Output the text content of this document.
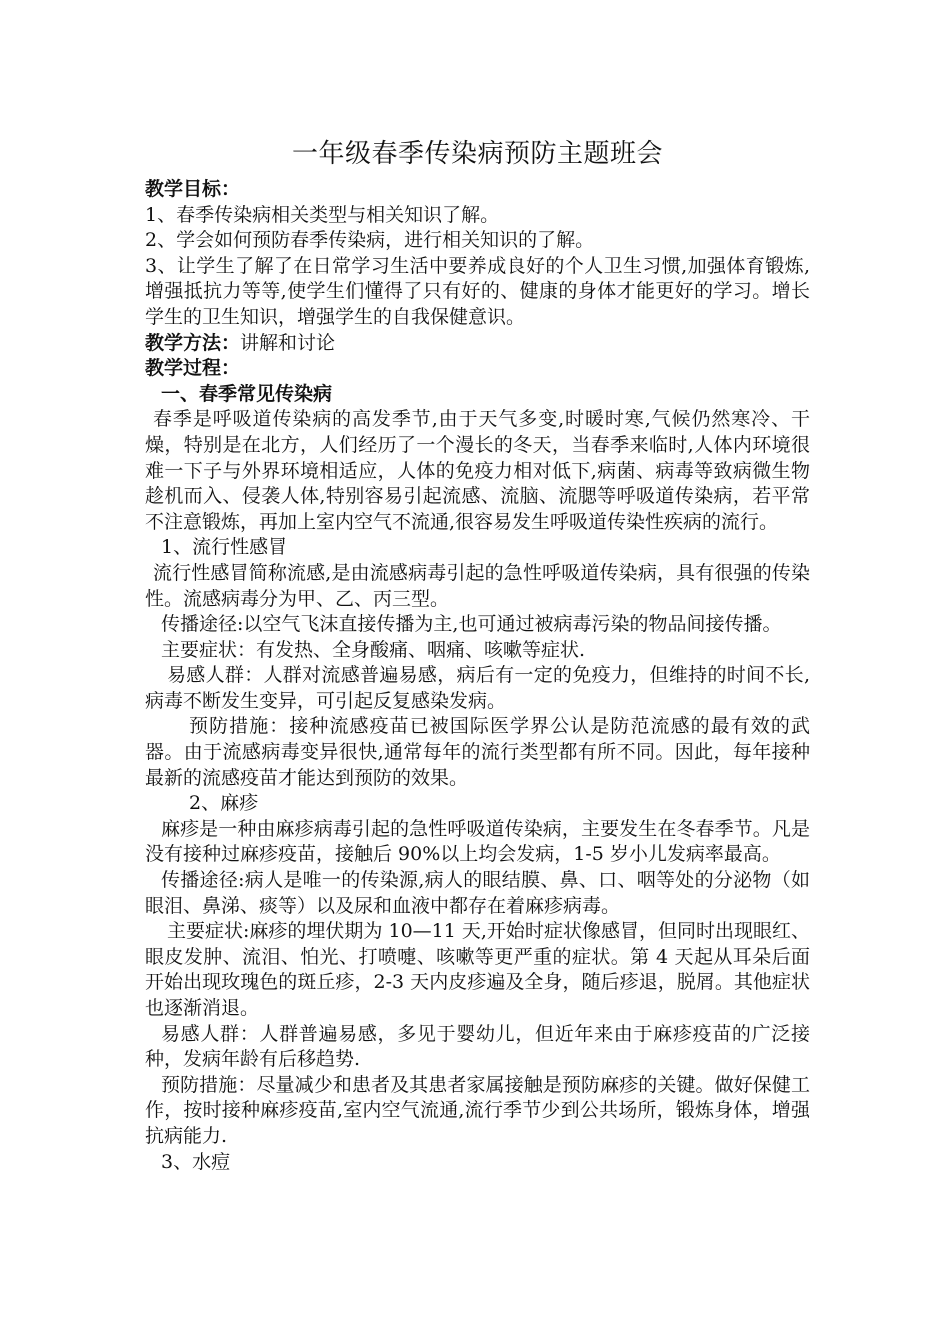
一年级春季传染病预防主题班会

教学目标：

1、春季传染病相关类型与相关知识了解。

2、学会如何预防春季传染病，进行相关知识的了解。

3、让学生了解了在日常学习生活中要养成良好的个人卫生习惯,加强体育锻炼,增强抵抗力等等,使学生们懂得了只有好的、健康的身体才能更好的学习。增长学生的卫生知识，增强学生的自我保健意识。

教学方法：讲解和讨论

教学过程：

一、春季常见传染病

春季是呼吸道传染病的高发季节,由于天气多变,时暖时寒,气候仍然寒冷、干燥，特别是在北方，人们经历了一个漫长的冬天，当春季来临时,人体内环境很难一下子与外界环境相适应，人体的免疫力相对低下,病菌、病毒等致病微生物趁机而入、侵袭人体,特别容易引起流感、流脑、流腮等呼吸道传染病，若平常不注意锻炼，再加上室内空气不流通,很容易发生呼吸道传染性疾病的流行。

1、流行性感冒

流行性感冒简称流感,是由流感病毒引起的急性呼吸道传染病，具有很强的传染性。流感病毒分为甲、乙、丙三型。

传播途径:以空气飞沫直接传播为主,也可通过被病毒污染的物品间接传播。

主要症状：有发热、全身酸痛、咽痛、咳嗽等症状.

易感人群：人群对流感普遍易感，病后有一定的免疫力，但维持的时间不长,病毒不断发生变异，可引起反复感染发病。

预防措施：接种流感疫苗已被国际医学界公认是防范流感的最有效的武器。由于流感病毒变异很快,通常每年的流行类型都有所不同。因此，每年接种最新的流感疫苗才能达到预防的效果。

2、麻疹

麻疹是一种由麻疹病毒引起的急性呼吸道传染病，主要发生在冬春季节。凡是没有接种过麻疹疫苗，接触后 90%以上均会发病，1-5 岁小儿发病率最高。

传播途径:病人是唯一的传染源,病人的眼结膜、鼻、口、咽等处的分泌物（如眼泪、鼻涕、痰等）以及尿和血液中都存在着麻疹病毒。

主要症状:麻疹的埋伏期为 10—11 天,开始时症状像感冒，但同时出现眼红、眼皮发肿、流泪、怕光、打喷嚏、咳嗽等更严重的症状。第 4 天起从耳朵后面开始出现玫瑰色的斑丘疹，2-3 天内皮疹遍及全身，随后疹退，脱屑。其他症状也逐渐消退。

易感人群：人群普遍易感，多见于婴幼儿，但近年来由于麻疹疫苗的广泛接种，发病年龄有后移趋势.

预防措施：尽量减少和患者及其患者家属接触是预防麻疹的关键。做好保健工作，按时接种麻疹疫苗,室内空气流通,流行季节少到公共场所，锻炼身体，增强抗病能力.

3、水痘
